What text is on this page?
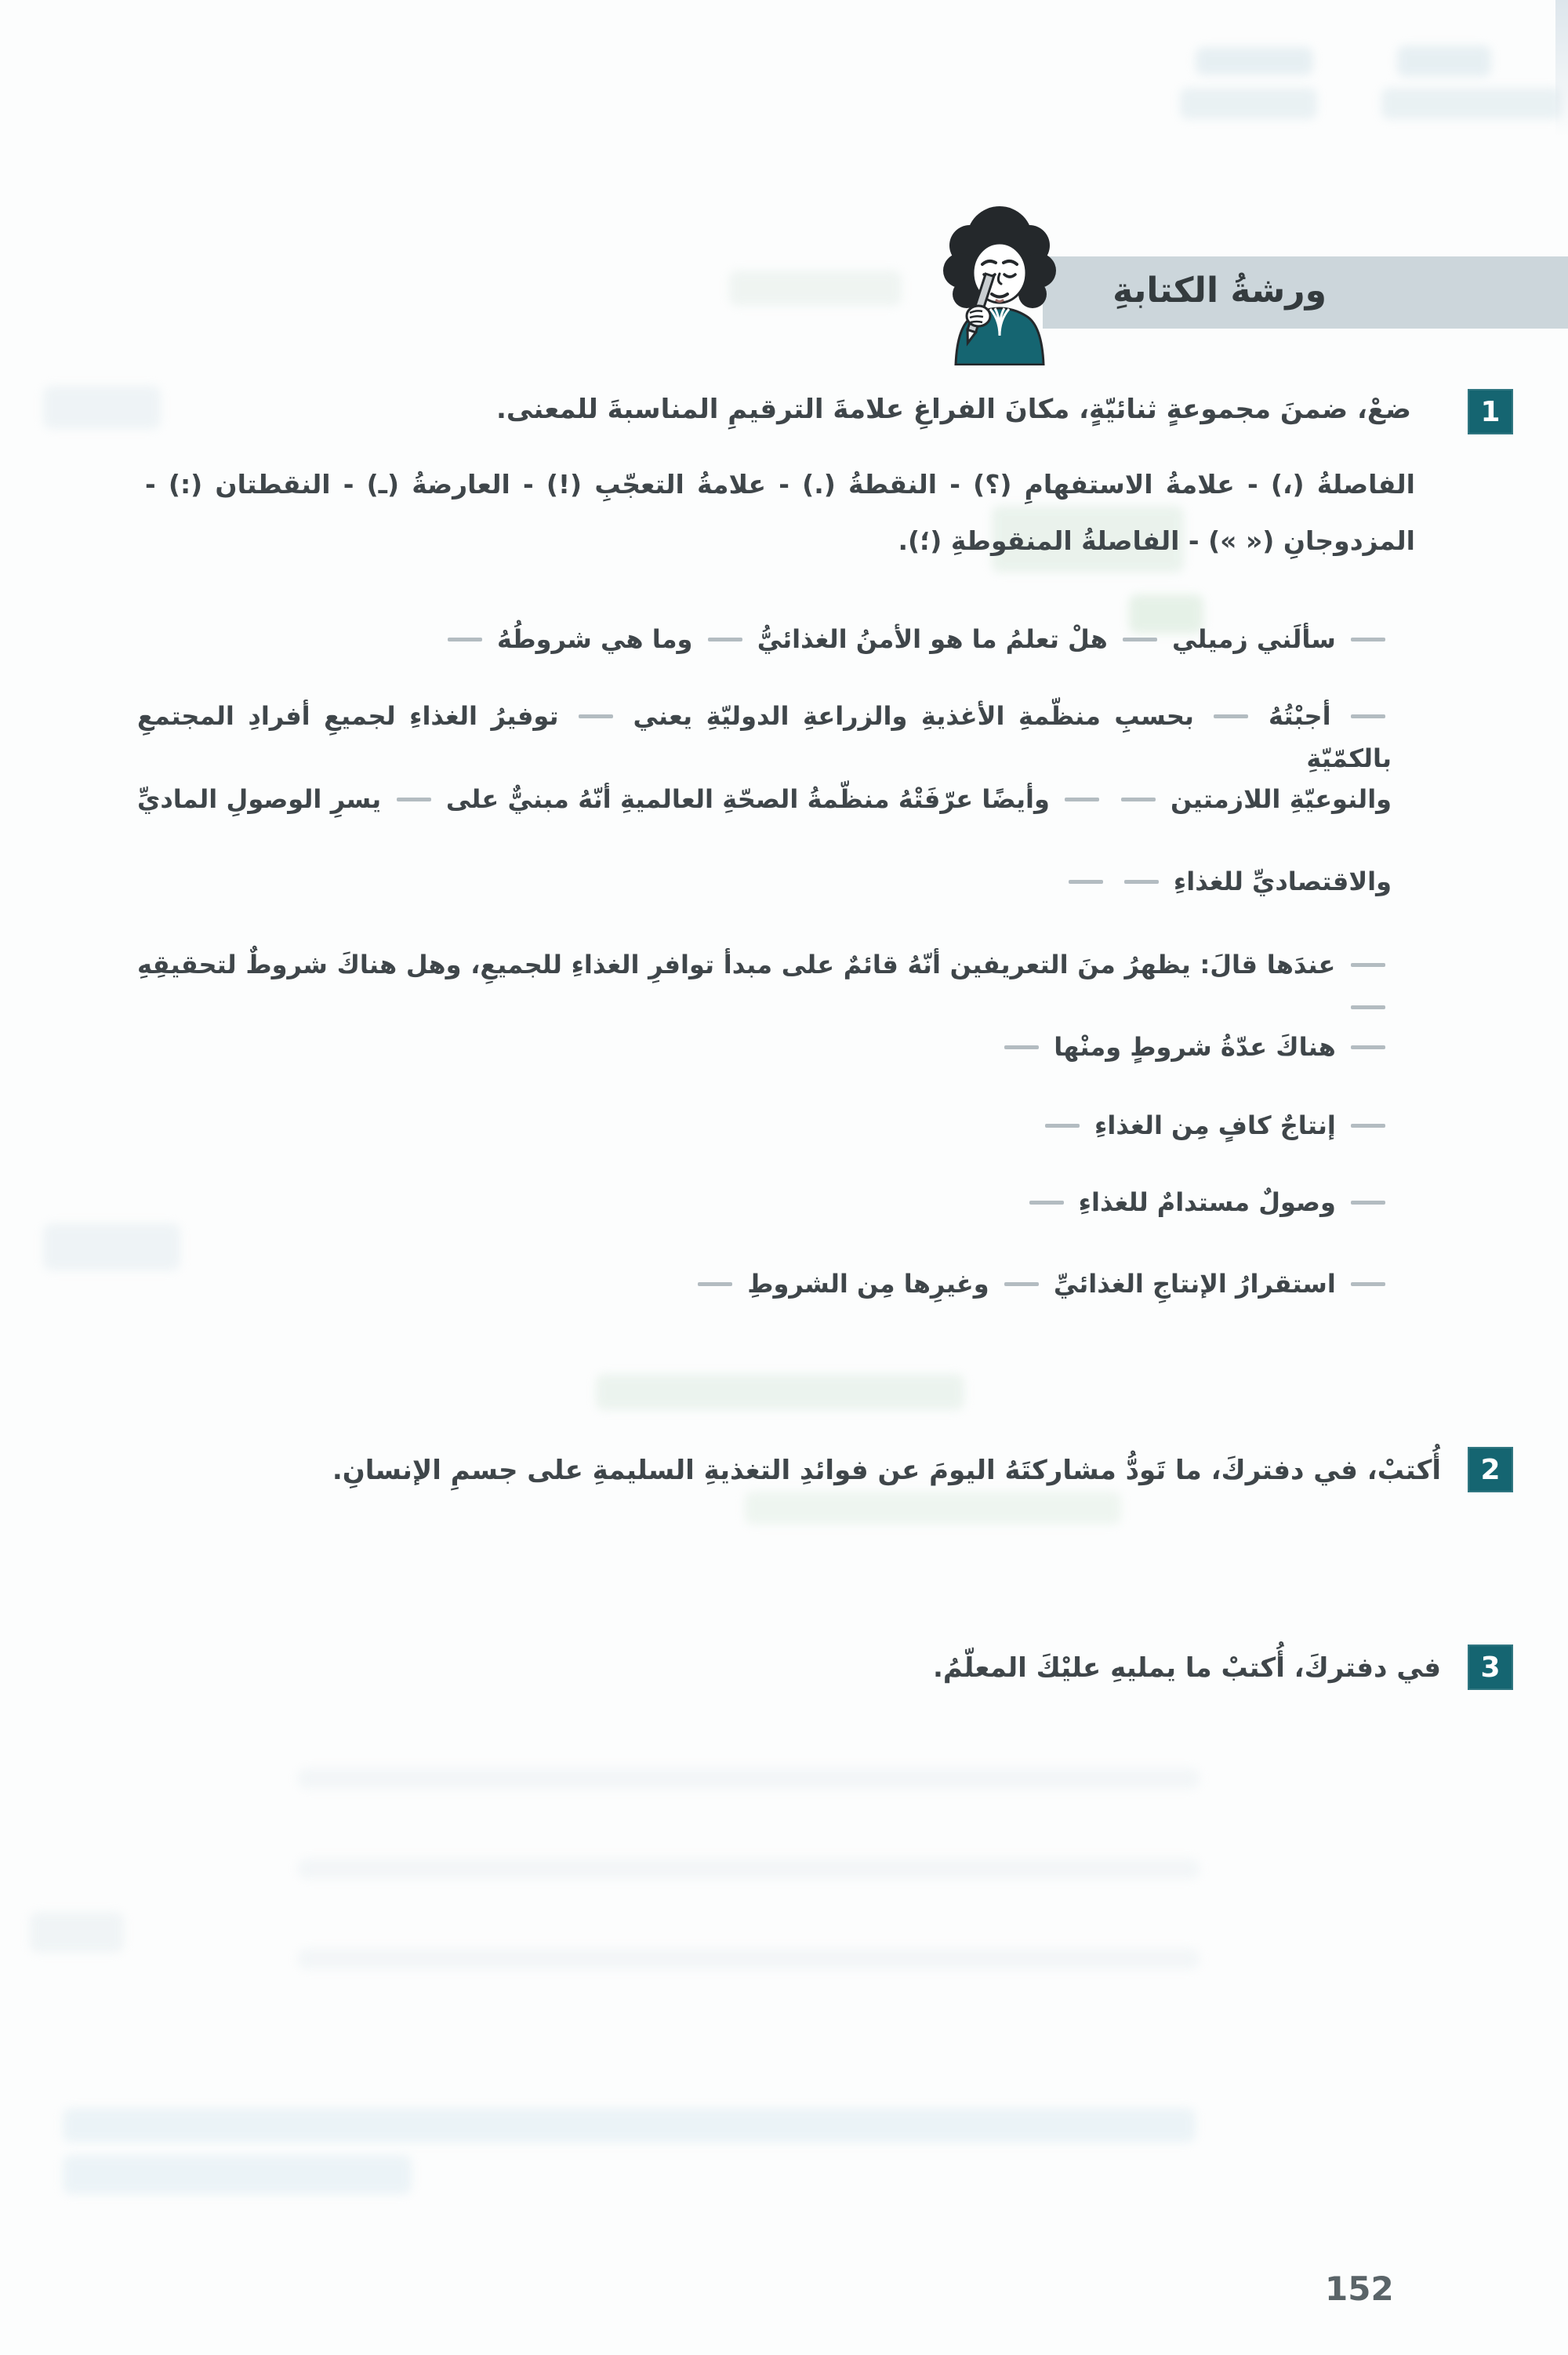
ورشةُ الكتابةِ
1

ضعْ، ضمنَ مجموعةٍ ثنائيّةٍ، مكانَ الفراغِ علامةَ الترقيمِ المناسبةَ للمعنى.

الفاصلةُ (،) - علامةُ الاستفهامِ (؟) - النقطةُ (.) - علامةُ التعجّبِ (!) - العارضةُ (ـ) - النقطتان (:) -

المزدوجانِ (« ») - الفاصلةُ المنقوطةِ (؛).

سألَني زميلي  هلْ تعلمُ ما هو الأمنُ الغذائيُّ  وما هي شروطُهُ

أجبْتُهُ  بحسبِ منظّمةِ الأغذيةِ والزراعةِ الدوليّةِ يعني  توفيرُ الغذاءِ لجميعِ أفرادِ المجتمعِ بالكمّيّةِ

والنوعيّةِ اللازمتين   وأيضًا عرّفَتْهُ منظّمةُ الصحّةِ العالميةِ أنّهُ مبنيٌّ على  يسرِ الوصولِ الماديِّ

والاقتصاديِّ للغذاءِ

عندَها قالَ: يظهرُ منَ التعريفين أنّهُ قائمٌ على مبدأ توافرِ الغذاءِ للجميعِ، وهل هناكَ شروطٌ لتحقيقِهِ

هناكَ عدّةُ شروطٍ ومنْها

إنتاجٌ كافٍ مِن الغذاءِ

وصولٌ مستدامٌ للغذاءِ

استقرارُ الإنتاجِ الغذائيِّ  وغيرِها مِن الشروطِ

2

أُكتبْ، في دفتركَ، ما تَودُّ مشاركتَهُ اليومَ عن فوائدِ التغذيةِ السليمةِ على جسمِ الإنسانِ.

3

في دفتركَ، أُكتبْ ما يمليهِ عليْكَ المعلّمُ.

152
